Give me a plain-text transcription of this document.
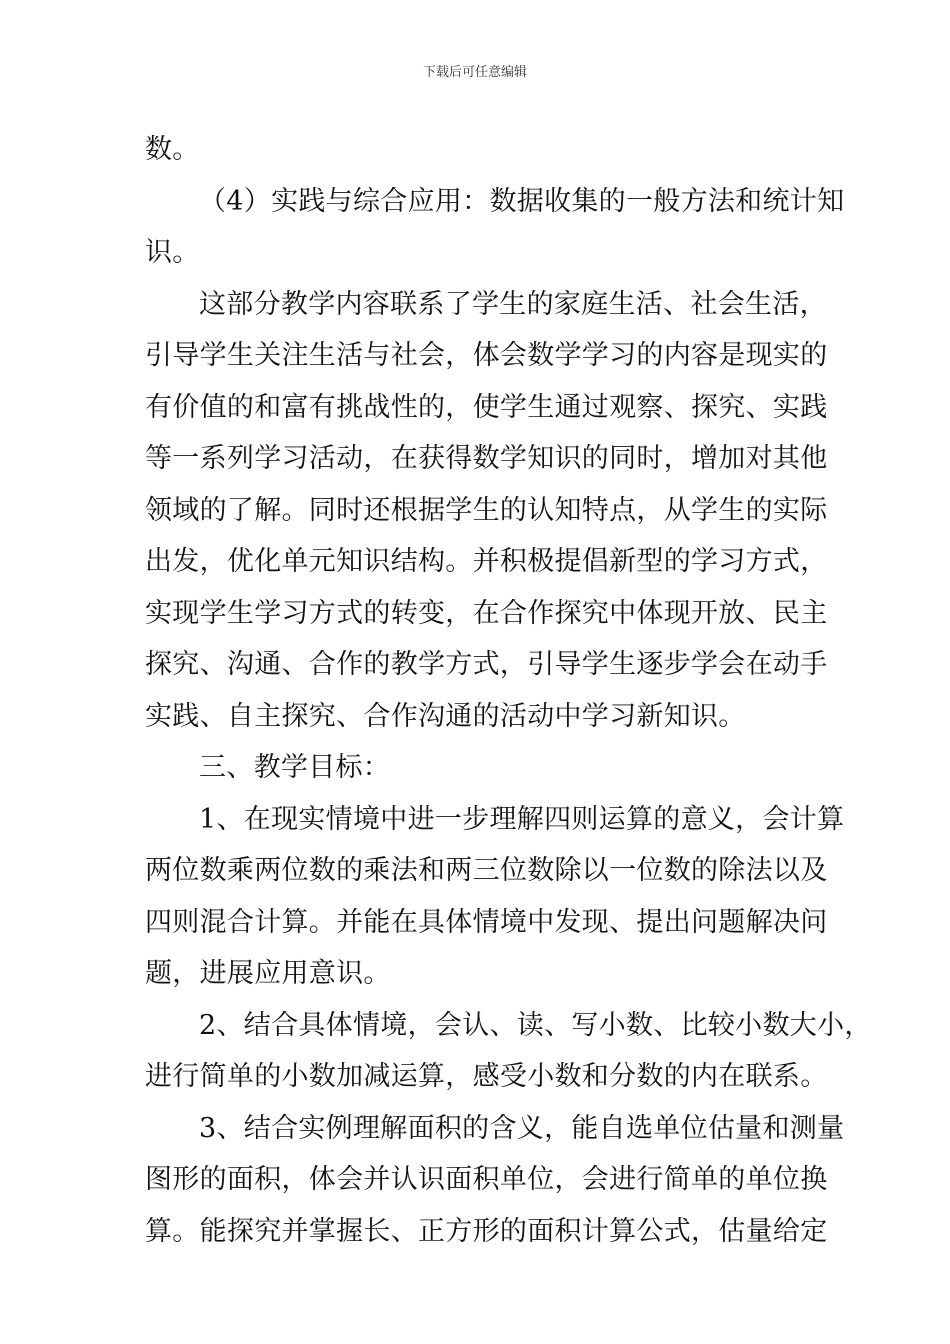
下载后可任意编辑
数。
（4）实践与综合应用：数据收集的一般方法和统计知
识。
这部分教学内容联系了学生的家庭生活、社会生活，
引导学生关注生活与社会，体会数学学习的内容是现实的
有价值的和富有挑战性的，使学生通过观察、探究、实践
等一系列学习活动，在获得数学知识的同时，增加对其他
领域的了解。同时还根据学生的认知特点，从学生的实际
出发，优化单元知识结构。并积极提倡新型的学习方式，
实现学生学习方式的转变，在合作探究中体现开放、民主
探究、沟通、合作的教学方式，引导学生逐步学会在动手
实践、自主探究、合作沟通的活动中学习新知识。
三、教学目标：
1、在现实情境中进一步理解四则运算的意义，会计算
两位数乘两位数的乘法和两三位数除以一位数的除法以及
四则混合计算。并能在具体情境中发现、提出问题解决问
题，进展应用意识。
2、结合具体情境，会认、读、写小数、比较小数大小，
进行简单的小数加减运算，感受小数和分数的内在联系。
3、结合实例理解面积的含义，能自选单位估量和测量
图形的面积，体会并认识面积单位，会进行简单的单位换
算。能探究并掌握长、正方形的面积计算公式，估量给定
